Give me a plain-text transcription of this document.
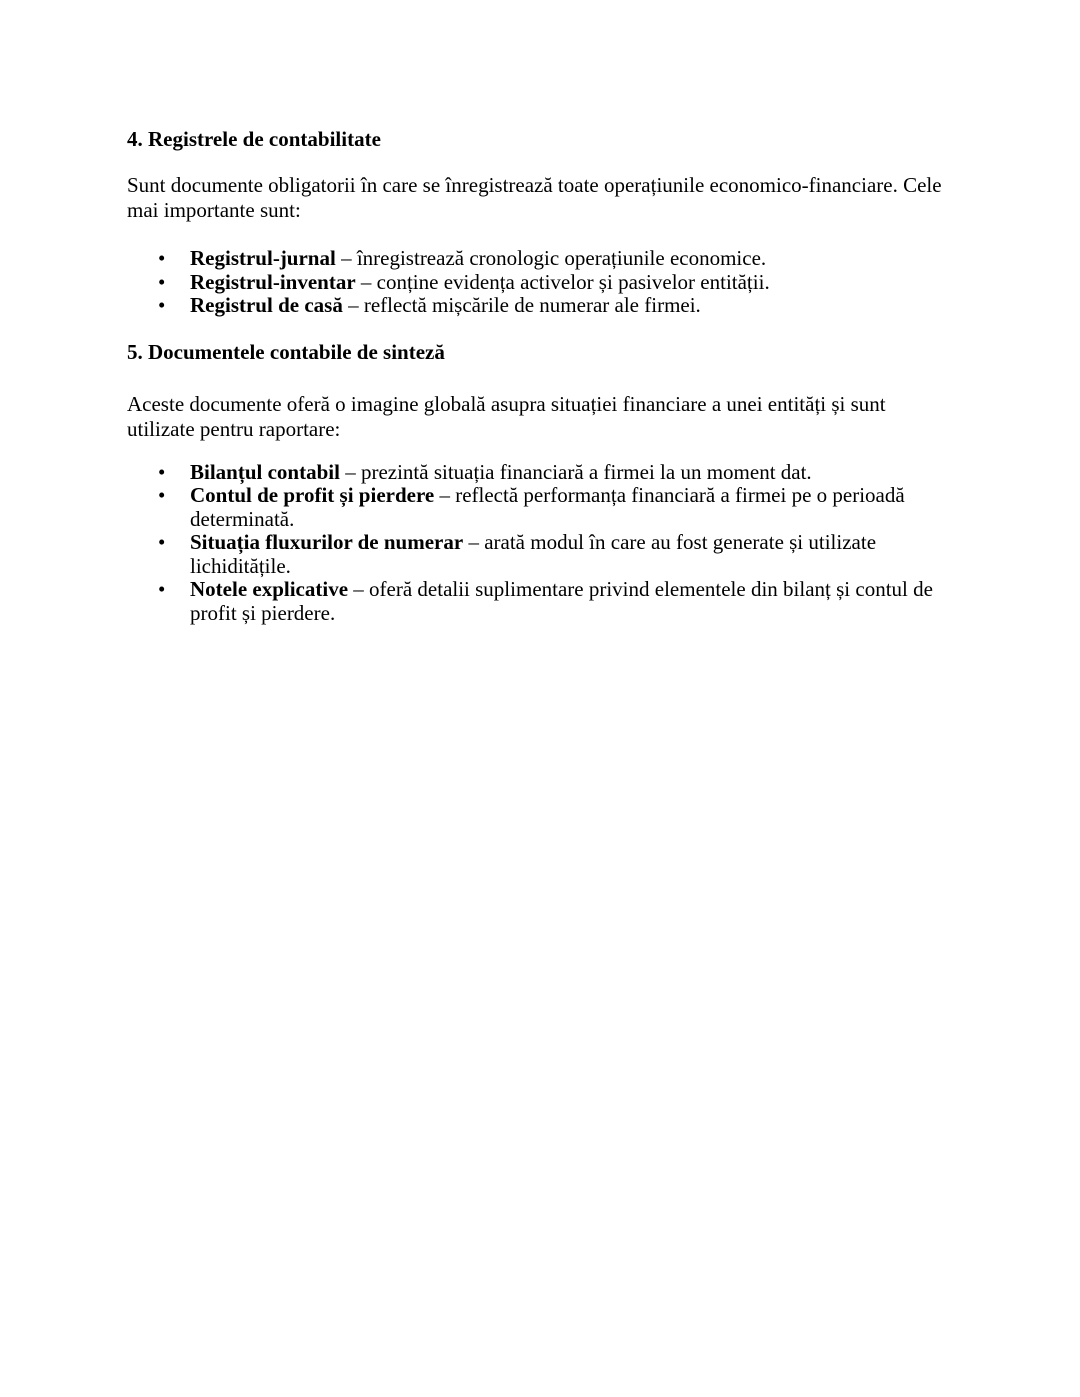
4. Registrele de contabilitate

Sunt documente obligatorii în care se înregistrează toate operațiunile economico-financiare. Cele mai importante sunt:

• Registrul-jurnal – înregistrează cronologic operațiunile economice.
• Registrul-inventar – conține evidența activelor și pasivelor entității.
• Registrul de casă – reflectă mișcările de numerar ale firmei.
5. Documentele contabile de sinteză

Aceste documente oferă o imagine globală asupra situației financiare a unei entități și sunt utilizate pentru raportare:

• Bilanțul contabil – prezintă situația financiară a firmei la un moment dat.
• Contul de profit și pierdere – reflectă performanța financiară a firmei pe o perioadă determinată.
• Situația fluxurilor de numerar – arată modul în care au fost generate și utilizate lichiditățile.
• Notele explicative – oferă detalii suplimentare privind elementele din bilanț și contul de profit și pierdere.
